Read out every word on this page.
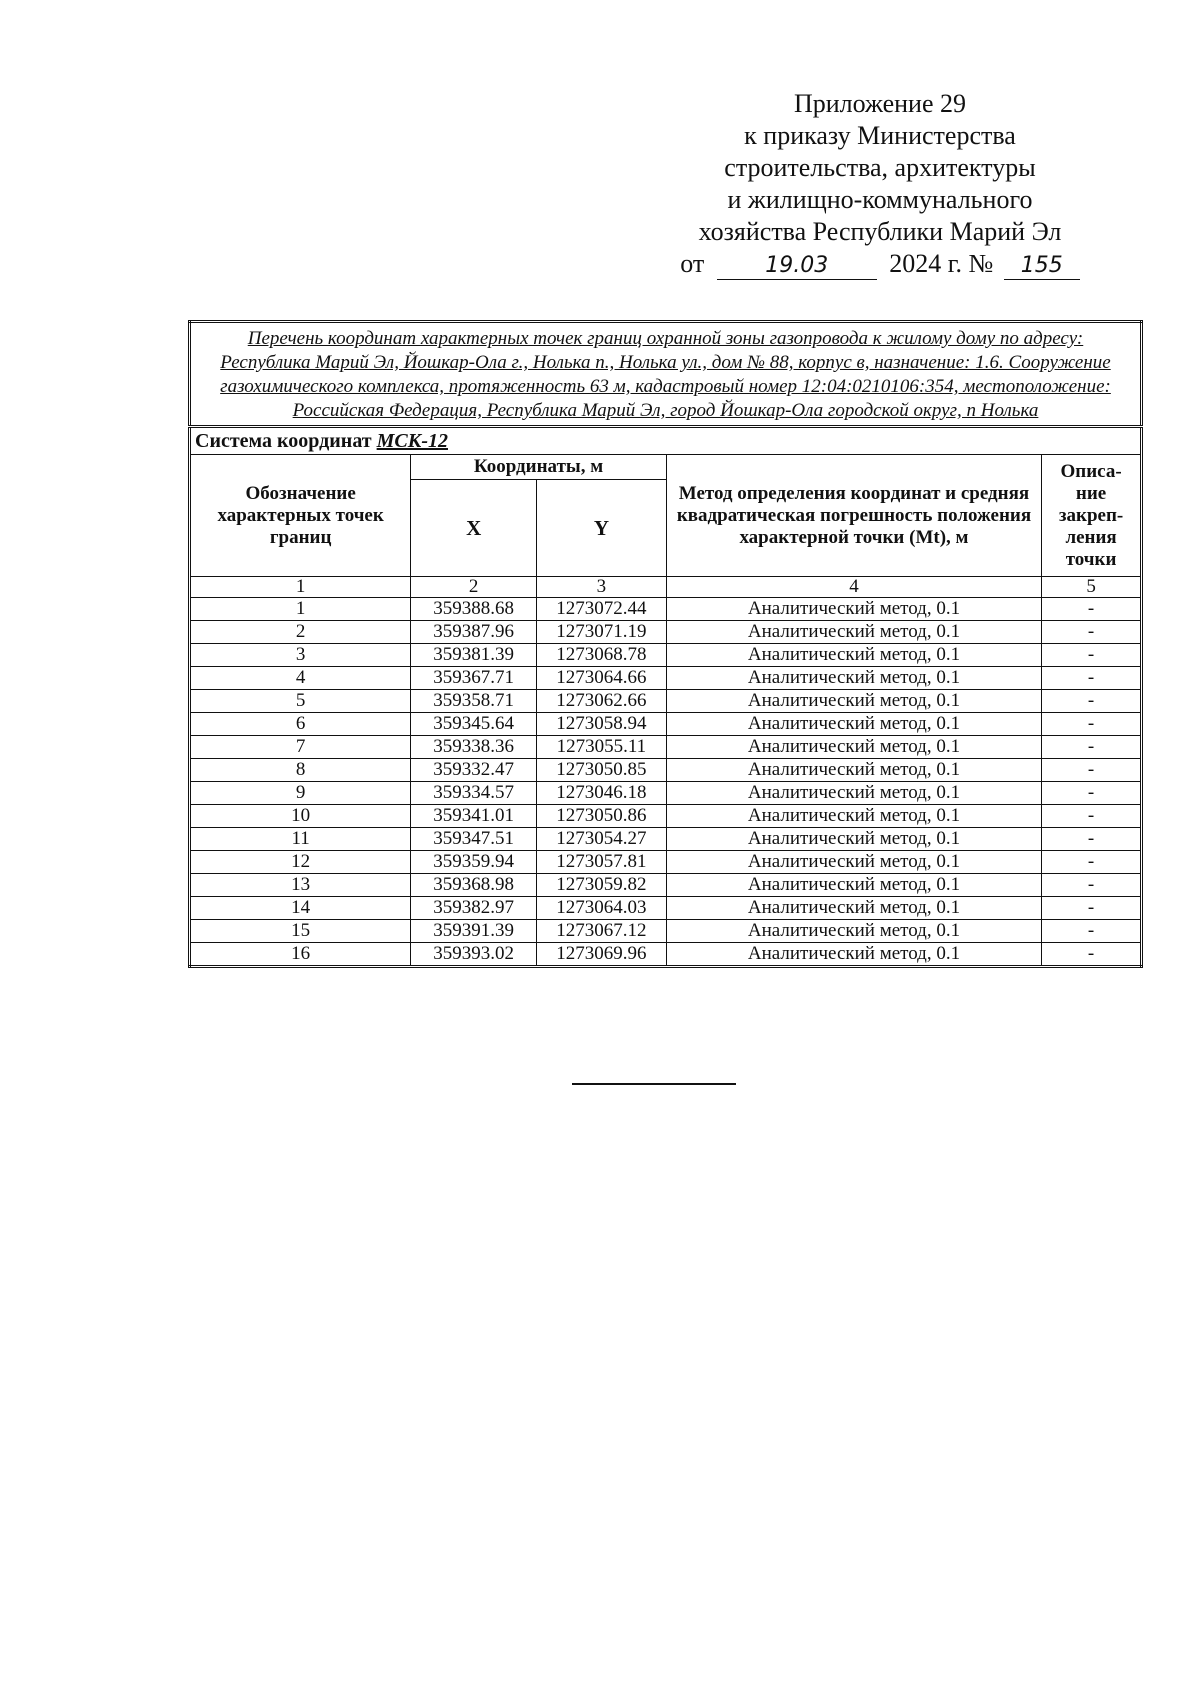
Приложение 29
к приказу Министерства
строительства, архитектуры
и жилищно-коммунального
хозяйства Республики Марий Эл
от	19.03 2024 г. № 155
Перечень координат характерных точек границ охранной зоны газопровода к жилому дому по адресу: Республика Марий Эл, Йошкар-Ола г., Нолька п., Нолька ул., дом № 88, корпус в, назначение: 1.6. Сооружение газохимического комплекса, протяженность 63 м, кадастровый номер 12:04:0210106:354, местоположение: Российская Федерация, Республика Марий Эл, город Йошкар-Ола городской округ, п Нолька				
Система координат МСК-12				
Обозначение характерных точек границ	Координаты, м		Метод определения координат и средняя квадратическая погрешность положения характерной точки (Mt), м	Описа-ние закреп-ления точки
	X	Y		
1	2	3	4	5
1	359388.68	1273072.44	Аналитический метод, 0.1	-
2	359387.96	1273071.19	Аналитический метод, 0.1	-
3	359381.39	1273068.78	Аналитический метод, 0.1	-
4	359367.71	1273064.66	Аналитический метод, 0.1	-
5	359358.71	1273062.66	Аналитический метод, 0.1	-
6	359345.64	1273058.94	Аналитический метод, 0.1	-
7	359338.36	1273055.11	Аналитический метод, 0.1	-
8	359332.47	1273050.85	Аналитический метод, 0.1	-
9	359334.57	1273046.18	Аналитический метод, 0.1	-
10	359341.01	1273050.86	Аналитический метод, 0.1	-
11	359347.51	1273054.27	Аналитический метод, 0.1	-
12	359359.94	1273057.81	Аналитический метод, 0.1	-
13	359368.98	1273059.82	Аналитический метод, 0.1	-
14	359382.97	1273064.03	Аналитический метод, 0.1	-
15	359391.39	1273067.12	Аналитический метод, 0.1	-
16	359393.02	1273069.96	Аналитический метод, 0.1	-
